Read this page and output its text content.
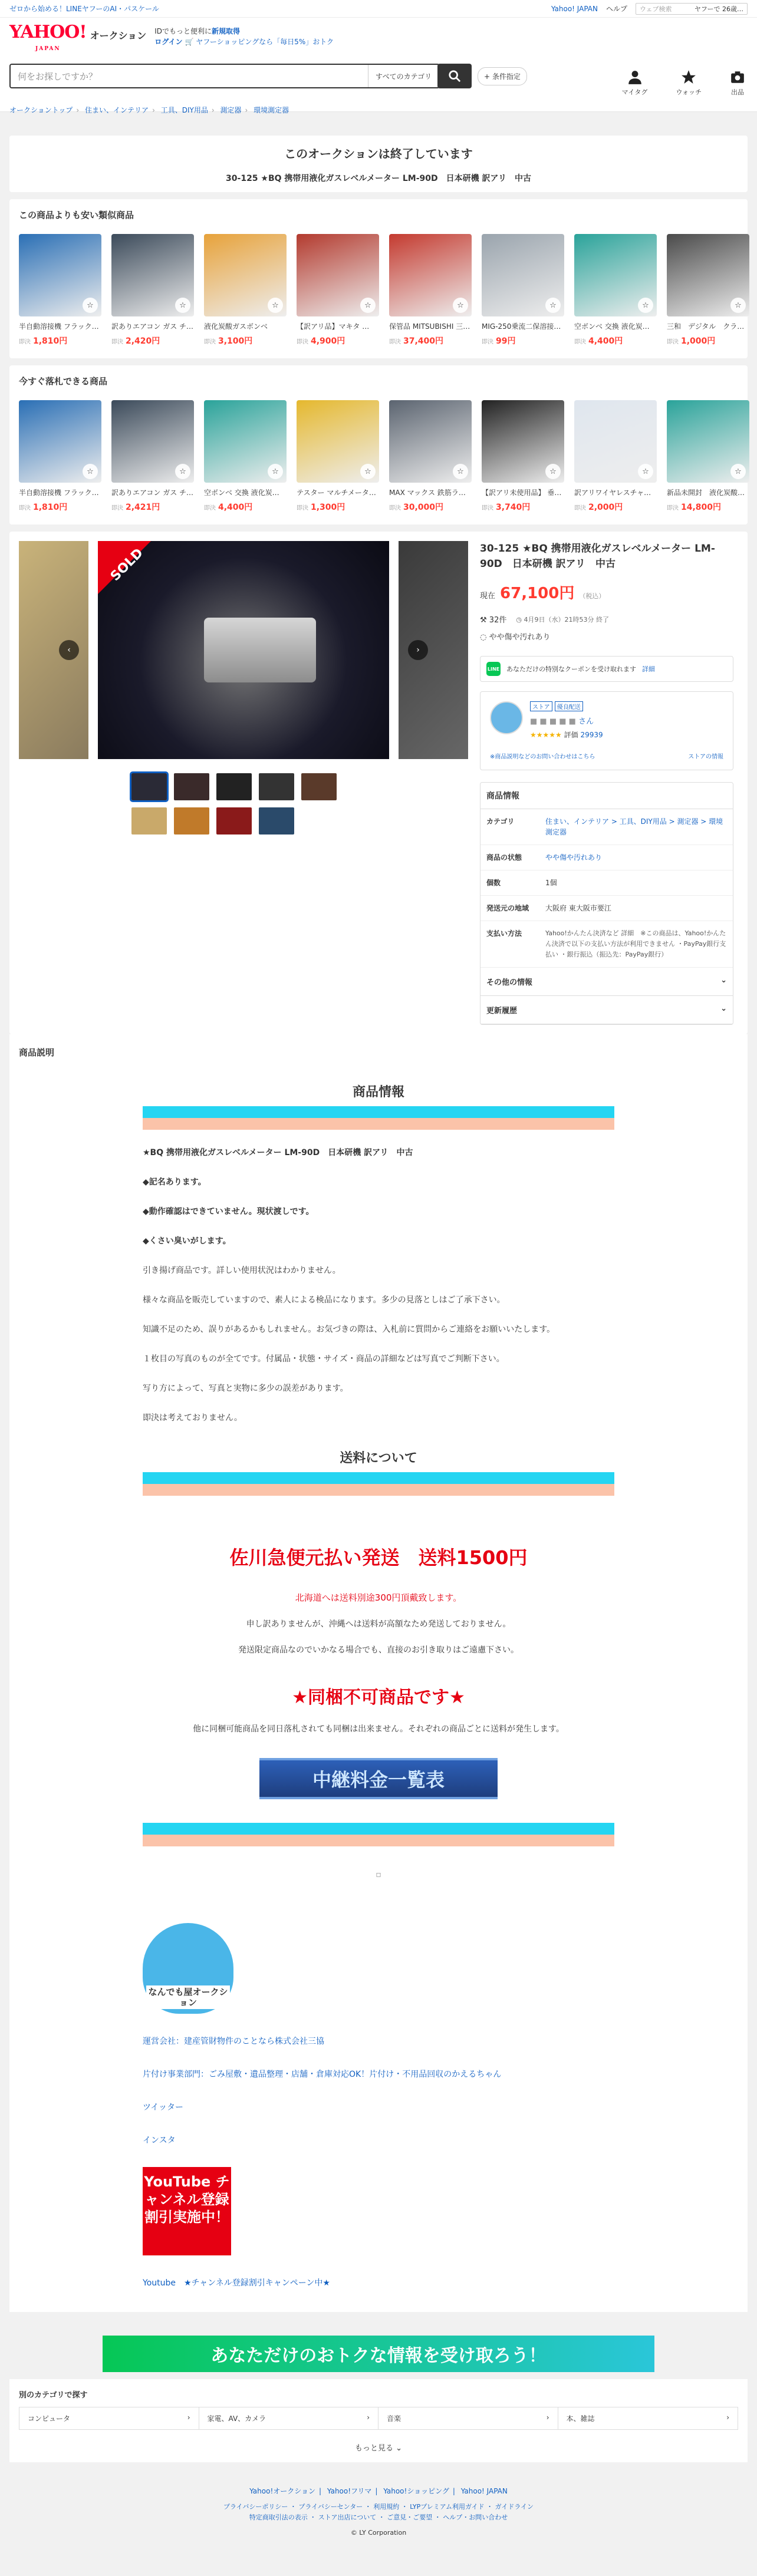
ゼロから始める！LINEヤフーのAI・パスケール	Yahoo! JAPAN ヘルプ ウェブ検索	ヤフーで 26歳…
YAHOO!
JAPAN
オークション IDでもっと便利に新規取得
ログイン 🛒 ヤフーショッピングなら「毎日5%」おトク
何をお探しですか？	すべてのカテゴリ	+ 条件指定
マイタグ	ウォッチ	出品
オークショントップ › 住まい、インテリア › 工具、DIY用品 › 測定器 › 環境測定器
このオークションは終了しています

30-125 ★BQ 携帯用液化ガスレベルメーター LM-90D　日本研機 訳アリ　中古

この商品よりも安い類似商品
☆
半自動溶接機 フラック…
即決 1,810円
☆
訳ありエアコン ガス チ…
即決 2,420円
☆
液化炭酸ガスボンベ
即決 3,100円
☆
【訳アリ品】マキタ …
即決 4,900円
☆
保管品 MITSUBISHI 三…
即決 37,400円
☆
MIG-250乗流二保溶接…
即決 99円
☆
空ボンベ 交換 液化炭…
即決 4,400円
☆
三和　デジタル　クラ…
即決 1,000円
今すぐ落札できる商品
☆
半自動溶接機 フラック…
即決 1,810円
☆
訳ありエアコン ガス チ…
即決 2,421円
☆
空ボンベ 交換 液化炭…
即決 4,400円
☆
テスター マルチメータ…
即決 1,300円
☆
MAX マックス 鉄筋ラ…
即決 30,000円
☆
【訳アリ未使用品】 垂…
即決 3,740円
☆
訳アリワイヤレスチャ…
即決 2,000円
☆
新品未開封　液化炭酸…
即決 14,800円
SOLD
‹	›
30-125 ★BQ 携帯用液化ガスレベルメーター LM-90D　日本研機 訳アリ　中古
現在 67,100円 （税込）
⚒ 32件 ◷ 4月9日（水）21時53分 終了
◌ やや傷や汚れあり
LINE あなただけの特別なクーポンを受け取れます 詳細
ストア 優良配送
■ ■ ■ ■ ■ さん
★★★★★ 評価 29939
※商品説明などのお問い合わせはこちら	ストアの情報
商品情報
カテゴリ	住まい、インテリア > 工具、DIY用品 > 測定器 > 環境測定器
商品の状態	やや傷や汚れあり
個数	1個
発送元の地域	大阪府 東大阪市要江
支払い方法	Yahoo!かんたん決済など 詳細　※この商品は、Yahoo!かんたん決済で以下の支払い方法が利用できません ・PayPay銀行支払い ・銀行振込（振込先：PayPay銀行）
その他の情報	⌄
更新履歴	⌄
商品説明
商品情報
★BQ 携帯用液化ガスレベルメーター LM-90D　日本研機 訳アリ　中古
◆記名あります。
◆動作確認はできていません。現状渡しです。
◆くさい臭いがします。
引き揚げ商品です。詳しい使用状況はわかりません。
様々な商品を販売していますので、素人による検品になります。多少の見落としはご了承下さい。
知識不足のため、誤りがあるかもしれません。お気づきの際は、入札前に質問からご連絡をお願いいたします。
１枚目の写真のものが全てです。付属品・状態・サイズ・商品の詳細などは写真でご判断下さい。
写り方によって、写真と実物に多少の誤差があります。
即決は考えておりません。
送料について
佐川急便元払い発送　送料1500円
北海道へは送料別途300円頂戴致します。
申し訳ありませんが、沖縄へは送料が高額なため発送しておりません。
発送限定商品なのでいかなる場合でも、直接のお引き取りはご遠慮下さい。
★同梱不可商品です★
他に同梱可能商品を同日落札されても同梱は出来ません。それぞれの商品ごとに送料が発生します。
中継料金一覧表
▫
なんでも屋オークション
運営会社：建産管財物件のことなら株式会社三協
片付け事業部門：ごみ屋敷・遺品整理・店舗・倉庫対応OK！片付け・不用品回収のかえるちゃん
ツイッター
インスタ
YouTube チャンネル登録 割引実施中！
Youtube　★チャンネル登録割引キャンペーン中★
あなただけのおトクな情報を受け取ろう！
別のカテゴリで探す
コンピュータ	› 家電、AV、カメラ	› 音楽	› 本、雑誌	›
もっと見る ⌄
Yahoo!オークション | Yahoo!フリマ | Yahoo!ショッピング | Yahoo! JAPAN
プライバシーポリシー ・ プライバシーセンター ・ 利用規約 ・ LYPプレミアム利用ガイド ・ ガイドライン
特定商取引法の表示 ・ ストア出店について ・ ご意見・ご要望 ・ ヘルプ・お問い合わせ
© LY Corporation
